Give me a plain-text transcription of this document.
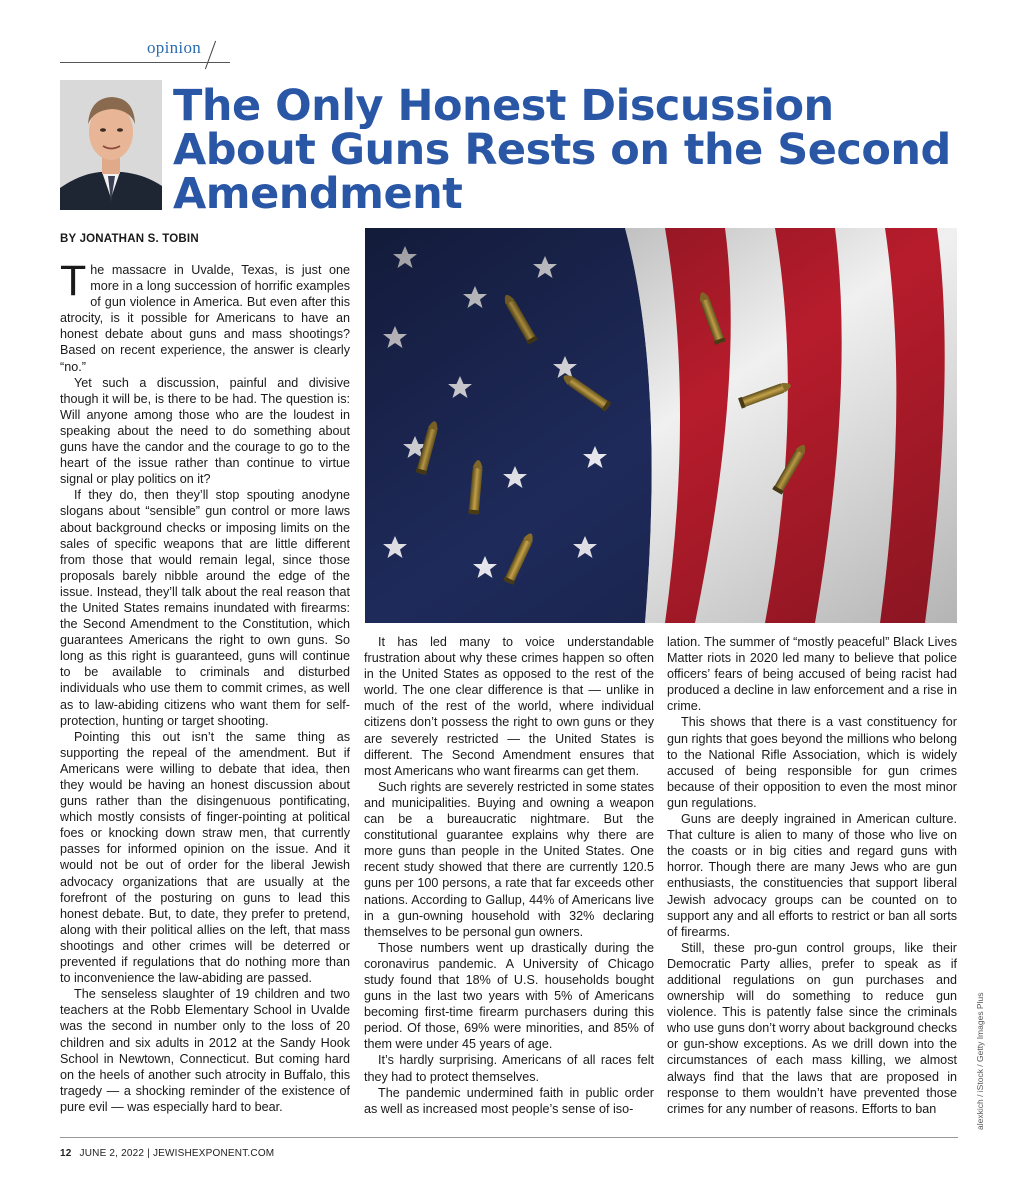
opinion
The Only Honest Discussion About Guns Rests on the Second Amendment
BY JONATHAN S. TOBIN

The massacre in Uvalde, Texas, is just one more in a long succession of horrific examples of gun violence in America. But even after this atrocity, is it possible for Americans to have an honest debate about guns and mass shootings? Based on recent experience, the answer is clearly “no.”

Yet such a discussion, painful and divisive though it will be, is there to be had. The question is: Will anyone among those who are the loudest in speaking about the need to do something about guns have the candor and the courage to go to the heart of the issue rather than continue to virtue signal or play politics on it?

If they do, then they’ll stop spouting anodyne slogans about “sensible” gun control or more laws about background checks or imposing limits on the sales of specific weapons that are little different from those that would remain legal, since those proposals barely nibble around the edge of the issue. Instead, they’ll talk about the real reason that the United States remains inundated with firearms: the Second Amendment to the Constitution, which guarantees Americans the right to own guns. So long as this right is guaranteed, guns will continue to be available to criminals and disturbed individuals who use them to commit crimes, as well as to law-abiding citizens who want them for self-protection, hunting or target shooting.

Pointing this out isn’t the same thing as supporting the repeal of the amendment. But if Americans were willing to debate that idea, then they would be having an honest discussion about guns rather than the disingenuous pontificating, which mostly consists of finger-pointing at political foes or knocking down straw men, that currently passes for informed opinion on the issue. And it would not be out of order for the liberal Jewish advocacy organizations that are usually at the forefront of the posturing on guns to lead this honest debate. But, to date, they prefer to pretend, along with their political allies on the left, that mass shootings and other crimes will be deterred or prevented if regulations that do nothing more than to inconvenience the law-abiding are passed.

The senseless slaughter of 19 children and two teachers at the Robb Elementary School in Uvalde was the second in number only to the loss of 20 children and six adults in 2012 at the Sandy Hook School in Newtown, Connecticut. But coming hard on the heels of another such atrocity in Buffalo, this tragedy — a shocking reminder of the existence of pure evil — was especially hard to bear.	alexkich / iStock / Getty Images Plus

It has led many to voice understandable frustration about why these crimes happen so often in the United States as opposed to the rest of the world. The one clear difference is that — unlike in much of the rest of the world, where individual citizens don’t possess the right to own guns or they are severely restricted — the United States is different. The Second Amendment ensures that most Americans who want firearms can get them.

Such rights are severely restricted in some states and municipalities. Buying and owning a weapon can be a bureaucratic nightmare. But the constitutional guarantee explains why there are more guns than people in the United States. One recent study showed that there are currently 120.5 guns per 100 persons, a rate that far exceeds other nations. According to Gallup, 44% of Americans live in a gun-owning household with 32% declaring themselves to be personal gun owners.

Those numbers went up drastically during the coronavirus pandemic. A University of Chicago study found that 18% of U.S. households bought guns in the last two years with 5% of Americans becoming first-time firearm purchasers during this period. Of those, 69% were minorities, and 85% of them were under 45 years of age.

It’s hardly surprising. Americans of all races felt they had to protect themselves.

The pandemic undermined faith in public order as well as increased most people’s sense of iso-

lation. The summer of “mostly peaceful” Black Lives Matter riots in 2020 led many to believe that police officers’ fears of being accused of being racist had produced a decline in law enforcement and a rise in crime.

This shows that there is a vast constituency for gun rights that goes beyond the millions who belong to the National Rifle Association, which is widely accused of being responsible for gun crimes because of their opposition to even the most minor gun regulations.

Guns are deeply ingrained in American culture. That culture is alien to many of those who live on the coasts or in big cities and regard guns with horror. Though there are many Jews who are gun enthusiasts, the constituencies that support liberal Jewish advocacy groups can be counted on to support any and all efforts to restrict or ban all sorts of firearms.

Still, these pro-gun control groups, like their Democratic Party allies, prefer to speak as if additional regulations on gun purchases and ownership will do something to reduce gun violence. This is patently false since the criminals who use guns don’t worry about background checks or gun-show exceptions. As we drill down into the circumstances of each mass killing, we almost always find that the laws that are proposed in response to them wouldn’t have prevented those crimes for any number of reasons. Efforts to ban

12 JUNE 2, 2022 | JEWISHEXPONENT.COM
